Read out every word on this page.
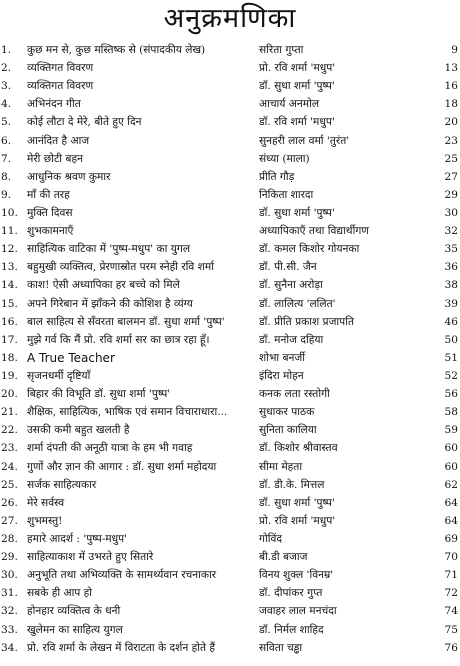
अनुक्रमणिका
1.	कुछ मन से, कुछ मस्तिष्क से (संपादकीय लेख)	सरिता गुप्ता	9
2.	व्यक्तिगत विवरण	प्रो. रवि शर्मा 'मधुप'	13
3.	व्यक्तिगत विवरण	डॉ. सुधा शर्मा 'पुष्प'	16
4.	अभिनंदन गीत	आचार्य अनमोल	18
5.	कोई लौटा दे मेरे, बीते हुए दिन	डॉ. रवि शर्मा 'मधुप'	20
6.	आनंदित है आज	सुनहरी लाल वर्मा 'तुरंत'	23
7.	मेरी छोटी बहन	संध्या (माला)	25
8.	आधुनिक श्रवण कुमार	प्रीति गौड़	27
9.	माँ की तरह	निकिता शारदा	29
10. मुक्ति दिवस	डॉ. सुधा शर्मा 'पुष्प'	30
11. शुभकामनाएँ	अध्यापिकाएँ तथा विद्यार्थीगण	32
12. साहित्यिक वाटिका में 'पुष्प-मधुप' का युगल	डॉ. कमल किशोर गोयनका	35
13. बहुमुखी व्यक्तित्व, प्रेरणास्रोत परम स्नेही रवि शर्मा	डॉ. पी.सी. जैन	36
14. काश! ऐसी अध्यापिका हर बच्चे को मिले	डॉ. सुनैना अरोड़ा	38
15. अपने गिरेबान में झाँकने की कोशिश है व्यंग्य	डॉ. लालित्य 'ललित'	39
16. बाल साहित्य से सँवरता बालमन डॉ. सुधा शर्मा 'पुष्प'	डॉ. प्रीति प्रकाश प्रजापति	46
17. मुझे गर्व कि मैं प्रो. रवि शर्मा सर का छात्र रहा हूँ।	डॉ. मनोज दहिया	50
18. A True Teacher	शोभा बनर्जी	51
19. सृजनधर्मी दृष्टियाँ	इंदिरा मोहन	52
20. बिहार की विभूति डॉ. सुधा शर्मा 'पुष्प'	कनक लता रस्तोगी	56
21. शैक्षिक, साहित्यिक, भाषिक एवं समान विचाराधारा...	सुधाकर पाठक	58
22. उसकी कमी बहुत खलती है	सुनिता कालिया	59
23. शर्मा दंपती की अनूठी यात्रा के हम भी गवाह	डॉ. किशोर श्रीवास्तव	60
24. गुणों और ज्ञान की आगार : डॉ. सुधा शर्मा महोदया	सीमा मेहता	60
25. सर्जक साहित्यकार	डॉ. डी.के. मित्तल	62
26. मेरे सर्वस्व	डॉ. सुधा शर्मा 'पुष्प'	64
27. शुभमस्तु!	प्रो. रवि शर्मा 'मधुप'	64
28. हमारे आदर्श : 'पुष्प-मधुप'	गोविंद	69
29. साहित्याकाश में उभरते हुए सितारे	बी.डी बजाज	70
30. अनुभूति तथा अभिव्यक्ति के सामर्थ्यवान रचनाकार	विनय शुक्ल 'विनम्र'	71
31. सबके ही आप हो	डॉ. दीपांकर गुप्त	72
32. होनहार व्यक्तित्व के धनी	जवाहर लाल मनचंदा	74
33. खुलेमन का साहित्य युगल	डॉ. निर्मल शाहिद	75
34. प्रो. रवि शर्मा के लेखन में विराटता के दर्शन होते हैं	सविता चड्ढा	76
